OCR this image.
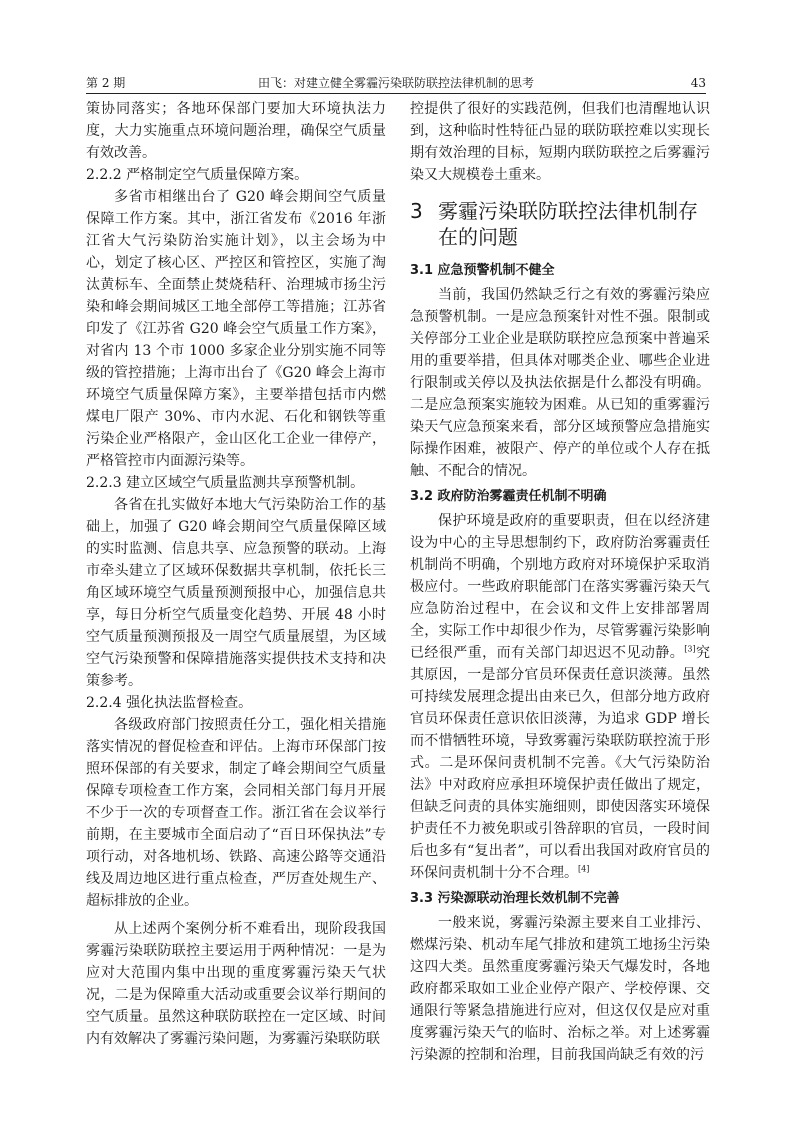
第 2 期	田飞：对建立健全雾霾污染联防联控法律机制的思考	43

策协同落实；各地环保部门要加大环境执法力度，大力实施重点环境问题治理，确保空气质量有效改善。

2.2.2 严格制定空气质量保障方案。

多省市相继出台了 G20 峰会期间空气质量保障工作方案。其中，浙江省发布《2016 年浙江省大气污染防治实施计划》，以主会场为中心，划定了核心区、严控区和管控区，实施了淘汰黄标车、全面禁止焚烧秸秆、治理城市扬尘污染和峰会期间城区工地全部停工等措施；江苏省印发了《江苏省 G20 峰会空气质量工作方案》，对省内 13 个市 1000 多家企业分别实施不同等级的管控措施；上海市出台了《G20 峰会上海市环境空气质量保障方案》，主要举措包括市内燃煤电厂限产 30%、市内水泥、石化和钢铁等重污染企业严格限产，金山区化工企业一律停产，严格管控市内面源污染等。

2.2.3 建立区域空气质量监测共享预警机制。

各省在扎实做好本地大气污染防治工作的基础上，加强了 G20 峰会期间空气质量保障区域的实时监测、信息共享、应急预警的联动。上海市牵头建立了区域环保数据共享机制，依托长三角区域环境空气质量预测预报中心，加强信息共享，每日分析空气质量变化趋势、开展 48 小时空气质量预测预报及一周空气质量展望，为区域空气污染预警和保障措施落实提供技术支持和决策参考。

2.2.4 强化执法监督检查。

各级政府部门按照责任分工，强化相关措施落实情况的督促检查和评估。上海市环保部门按照环保部的有关要求，制定了峰会期间空气质量保障专项检查工作方案，会同相关部门每月开展不少于一次的专项督查工作。浙江省在会议举行前期，在主要城市全面启动了“百日环保执法”专项行动，对各地机场、铁路、高速公路等交通沿线及周边地区进行重点检查，严厉查处规生产、超标排放的企业。

从上述两个案例分析不难看出，现阶段我国雾霾污染联防联控主要运用于两种情况：一是为应对大范围内集中出现的重度雾霾污染天气状况，二是为保障重大活动或重要会议举行期间的空气质量。虽然这种联防联控在一定区域、时间内有效解决了雾霾污染问题，为雾霾污染联防联

控提供了很好的实践范例，但我们也清醒地认识到，这种临时性特征凸显的联防联控难以实现长期有效治理的目标，短期内联防联控之后雾霾污染又大规模卷土重来。

3 雾霾污染联防联控法律机制存在的问题
3.1 应急预警机制不健全

当前，我国仍然缺乏行之有效的雾霾污染应急预警机制。一是应急预案针对性不强。限制或关停部分工业企业是联防联控应急预案中普遍采用的重要举措，但具体对哪类企业、哪些企业进行限制或关停以及执法依据是什么都没有明确。二是应急预案实施较为困难。从已知的重雾霾污染天气应急预案来看，部分区域预警应急措施实际操作困难，被限产、停产的单位或个人存在抵触、不配合的情况。

3.2 政府防治雾霾责任机制不明确

保护环境是政府的重要职责，但在以经济建设为中心的主导思想制约下，政府防治雾霾责任机制尚不明确，个别地方政府对环境保护采取消极应付。一些政府职能部门在落实雾霾污染天气应急防治过程中，在会议和文件上安排部署周全，实际工作中却很少作为，尽管雾霾污染影响已经很严重，而有关部门却迟迟不见动静。[3]究其原因，一是部分官员环保责任意识淡薄。虽然可持续发展理念提出由来已久，但部分地方政府官员环保责任意识依旧淡薄，为追求 GDP 增长而不惜牺牲环境，导致雾霾污染联防联控流于形式。二是环保问责机制不完善。《大气污染防治法》中对政府应承担环境保护责任做出了规定，但缺乏问责的具体实施细则，即使因落实环境保护责任不力被免职或引咎辞职的官员，一段时间后也多有“复出者”，可以看出我国对政府官员的环保问责机制十分不合理。[4]

3.3 污染源联动治理长效机制不完善

一般来说，雾霾污染源主要来自工业排污、燃煤污染、机动车尾气排放和建筑工地扬尘污染这四大类。虽然重度雾霾污染天气爆发时，各地政府都采取如工业企业停产限产、学校停课、交通限行等紧急措施进行应对，但这仅仅是应对重度雾霾污染天气的临时、治标之举。对上述雾霾污染源的控制和治理，目前我国尚缺乏有效的污
